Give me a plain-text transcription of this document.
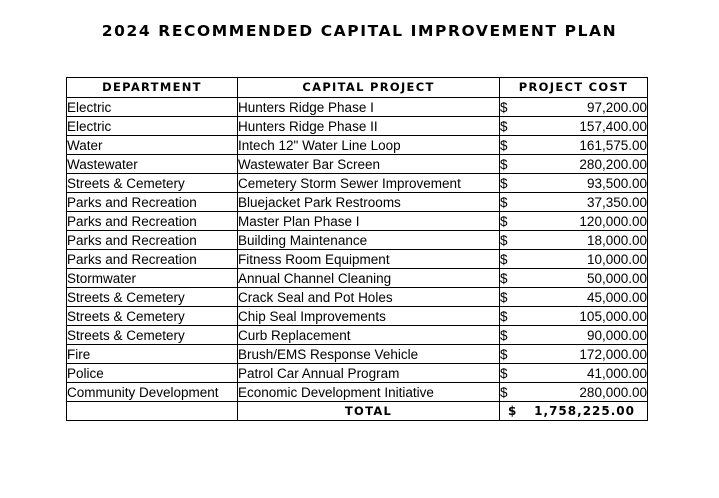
2024 RECOMMENDED CAPITAL IMPROVEMENT PLAN
DEPARTMENT	CAPITAL PROJECT	PROJECT COST
Electric	Hunters Ridge Phase I	$ 97,200.00

Electric	Hunters Ridge Phase II	$ 157,400.00

Water	Intech 12" Water Line Loop	$ 161,575.00

Wastewater	Wastewater Bar Screen	$ 280,200.00

Streets & Cemetery	Cemetery Storm Sewer Improvement	$ 93,500.00

Parks and Recreation	Bluejacket Park Restrooms	$ 37,350.00

Parks and Recreation	Master Plan Phase I	$ 120,000.00

Parks and Recreation	Building Maintenance	$ 18,000.00

Parks and Recreation	Fitness Room Equipment	$ 10,000.00

Stormwater	Annual Channel Cleaning	$ 50,000.00

Streets & Cemetery	Crack Seal and Pot Holes	$ 45,000.00

Streets & Cemetery	Chip Seal Improvements	$ 105,000.00

Streets & Cemetery	Curb Replacement	$ 90,000.00

Fire	Brush/EMS Response Vehicle	$ 172,000.00

Police	Patrol Car Annual Program	$ 41,000.00

Community Development	Economic Development Initiative	$ 280,000.00

	TOTAL	$ 1,758,225.00
